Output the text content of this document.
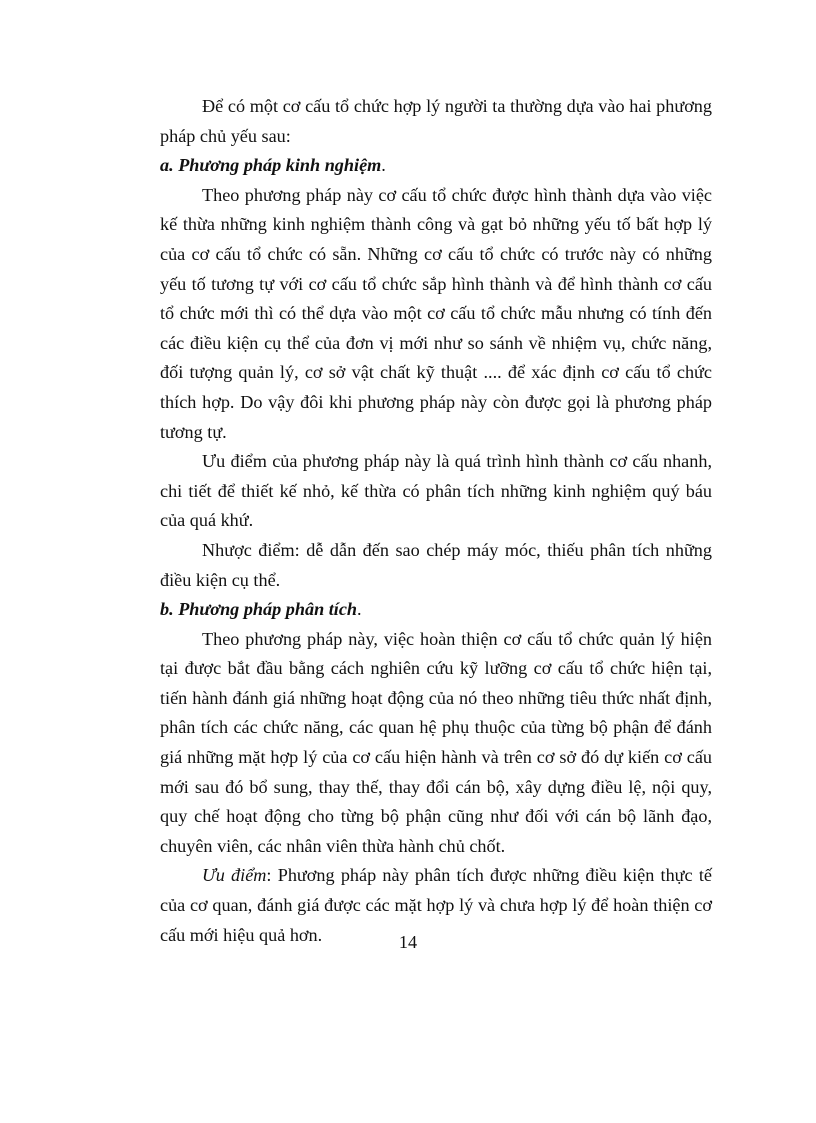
Để có một cơ cấu tổ chức hợp lý người ta thường dựa vào hai phương pháp chủ yếu sau:

a. Phương pháp kinh nghiệm.

Theo phương pháp này cơ cấu tổ chức được hình thành dựa vào việc kế thừa những kinh nghiệm thành công và gạt bỏ những yếu tố bất hợp lý của cơ cấu tổ chức có sẵn. Những cơ cấu tổ chức có trước này có những yếu tố tương tự với cơ cấu tổ chức sắp hình thành và để hình thành cơ cấu tổ chức mới thì có thể dựa vào một cơ cấu tổ chức mẫu nhưng có tính đến các điều kiện cụ thể của đơn vị mới như so sánh về nhiệm vụ, chức năng, đối tượng quản lý, cơ sở vật chất kỹ thuật .... để xác định cơ cấu tổ chức thích hợp. Do vậy đôi khi phương pháp này còn được gọi là phương pháp tương tự.

Ưu điểm của phương pháp này là quá trình hình thành cơ cấu nhanh, chi tiết để thiết kế nhỏ, kế thừa có phân tích những kinh nghiệm quý báu của quá khứ.

Nhược điểm: dễ dẫn đến sao chép máy móc, thiếu phân tích những điều kiện cụ thể.

b. Phương pháp phân tích.

Theo phương pháp này, việc hoàn thiện cơ cấu tổ chức quản lý hiện tại được bắt đầu bằng cách nghiên cứu kỹ lưỡng cơ cấu tổ chức hiện tại, tiến hành đánh giá những hoạt động của nó theo những tiêu thức nhất định, phân tích các chức năng, các quan hệ phụ thuộc của từng bộ phận để đánh giá những mặt hợp lý của cơ cấu hiện hành và trên cơ sở đó dự kiến cơ cấu mới sau đó bổ sung, thay thế, thay đổi cán bộ, xây dựng điều lệ, nội quy, quy chế hoạt động cho từng bộ phận cũng như đối với cán bộ lãnh đạo, chuyên viên, các nhân viên thừa hành chủ chốt.

Ưu điểm: Phương pháp này phân tích được những điều kiện thực tế của cơ quan, đánh giá được các mặt hợp lý và chưa hợp lý để hoàn thiện cơ cấu mới hiệu quả hơn.	14
